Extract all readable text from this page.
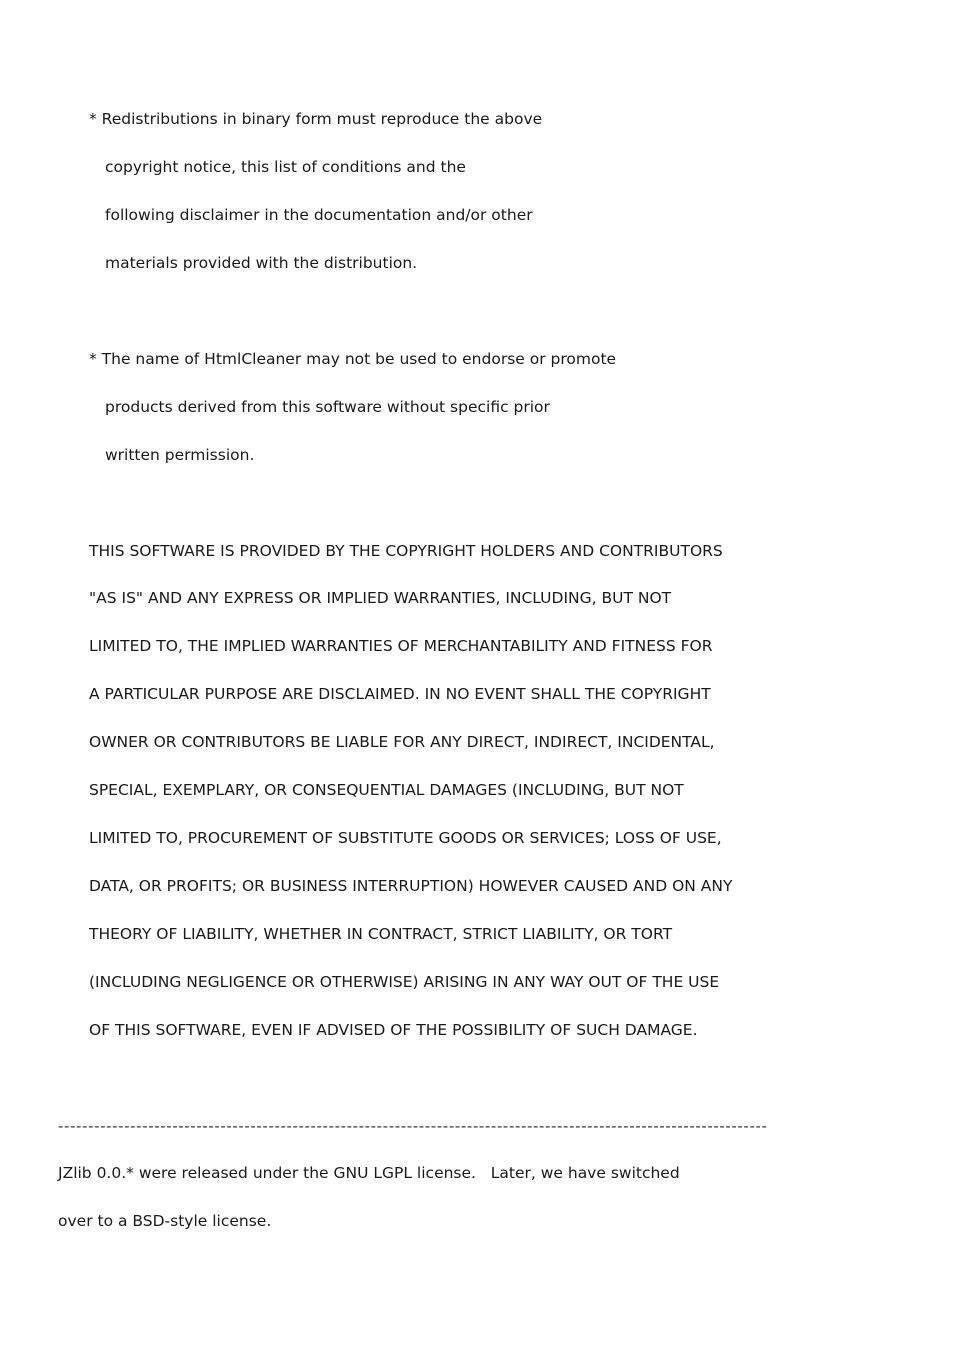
* Redistributions in binary form must reproduce the above
copyright notice, this list of conditions and the
following disclaimer in the documentation and/or other
materials provided with the distribution.
* The name of HtmlCleaner may not be used to endorse or promote
products derived from this software without specific prior
written permission.
THIS SOFTWARE IS PROVIDED BY THE COPYRIGHT HOLDERS AND CONTRIBUTORS
"AS IS" AND ANY EXPRESS OR IMPLIED WARRANTIES, INCLUDING, BUT NOT
LIMITED TO, THE IMPLIED WARRANTIES OF MERCHANTABILITY AND FITNESS FOR
A PARTICULAR PURPOSE ARE DISCLAIMED. IN NO EVENT SHALL THE COPYRIGHT
OWNER OR CONTRIBUTORS BE LIABLE FOR ANY DIRECT, INDIRECT, INCIDENTAL,
SPECIAL, EXEMPLARY, OR CONSEQUENTIAL DAMAGES (INCLUDING, BUT NOT
LIMITED TO, PROCUREMENT OF SUBSTITUTE GOODS OR SERVICES; LOSS OF USE,
DATA, OR PROFITS; OR BUSINESS INTERRUPTION) HOWEVER CAUSED AND ON ANY
THEORY OF LIABILITY, WHETHER IN CONTRACT, STRICT LIABILITY, OR TORT
(INCLUDING NEGLIGENCE OR OTHERWISE) ARISING IN ANY WAY OUT OF THE USE
OF THIS SOFTWARE, EVEN IF ADVISED OF THE POSSIBILITY OF SUCH DAMAGE.
----------------------------------------------------------------------------------------------------------------------
JZlib 0.0.* were released under the GNU LGPL license.   Later, we have switched
over to a BSD-style license.
